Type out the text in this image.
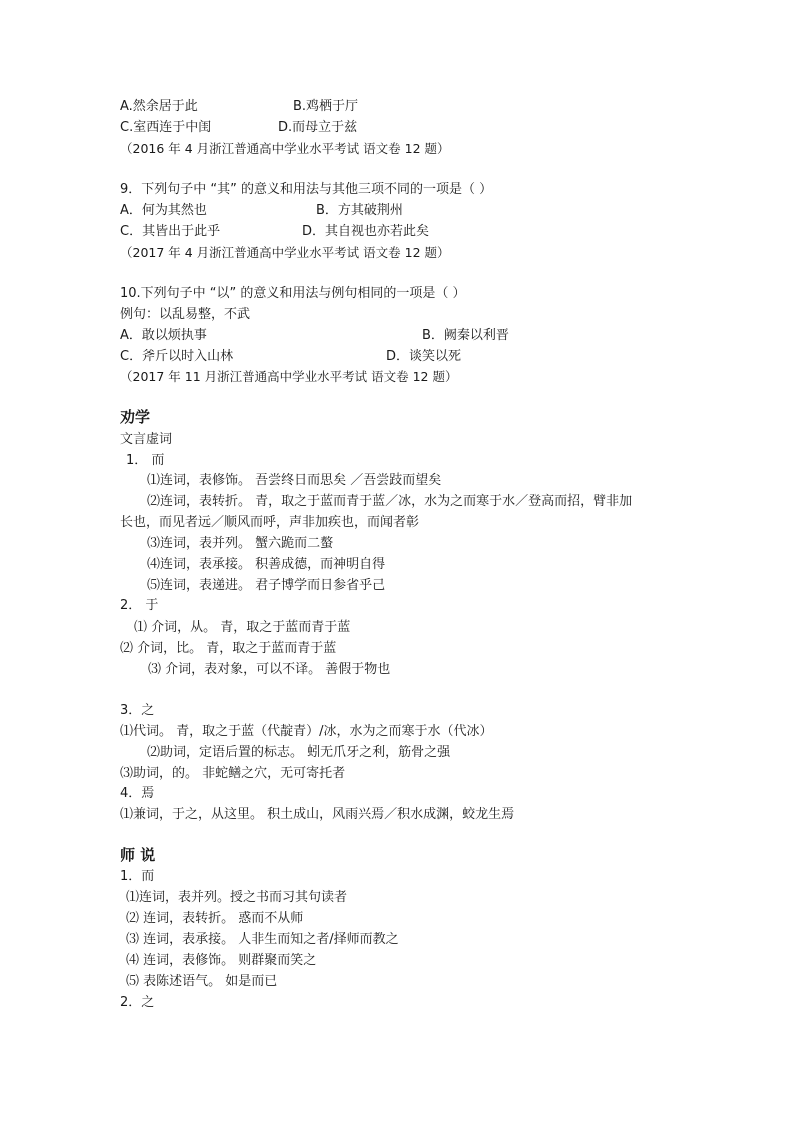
A.然余居于此	B.鸡栖于厅
C.室西连于中闺	D.而母立于兹
（2016 年 4 月浙江普通高中学业水平考试 语文卷 12 题）
9．下列句子中 “其” 的意义和用法与其他三项不同的一项是（ ）
A．何为其然也	B．方其破荆州
C．其皆出于此乎	D．其自视也亦若此矣
（2017 年 4 月浙江普通高中学业水平考试 语文卷 12 题）
10.下列句子中 “以” 的意义和用法与例句相同的一项是（ ）
例句：以乱易整，不武
A．敢以烦执事	B．阙秦以利晋
C．斧斤以时入山林	D．谈笑以死
（2017 年 11 月浙江普通高中学业水平考试 语文卷 12 题）
劝学
文言虚词
1． 而
⑴连词，表修饰。 吾尝终日而思矣 ／吾尝跂而望矣
⑵连词，表转折。 青，取之于蓝而青于蓝／冰，水为之而寒于水／登高而招，臂非加
长也，而见者远／顺风而呼，声非加疾也，而闻者彰
⑶连词，表并列。 蟹六跪而二螯
⑷连词，表承接。 积善成德，而神明自得
⑸连词，表递进。 君子博学而日参省乎己
2． 于
⑴ 介词，从。 青，取之于蓝而青于蓝
⑵ 介词，比。 青，取之于蓝而青于蓝
⑶ 介词，表对象，可以不译。 善假于物也
3．之
⑴代词。 青，取之于蓝（代靛青）/冰，水为之而寒于水（代冰）
⑵助词，定语后置的标志。 蚓无爪牙之利，筋骨之强
⑶助词，的。 非蛇鳝之穴，无可寄托者
4．焉
⑴兼词，于之，从这里。 积土成山，风雨兴焉／积水成渊，蛟龙生焉
师 说
1．而
⑴连词，表并列。授之书而习其句读者
⑵ 连词，表转折。 惑而不从师
⑶ 连词，表承接。 人非生而知之者/择师而教之
⑷ 连词，表修饰。 则群聚而笑之
⑸ 表陈述语气。 如是而已
2．之
